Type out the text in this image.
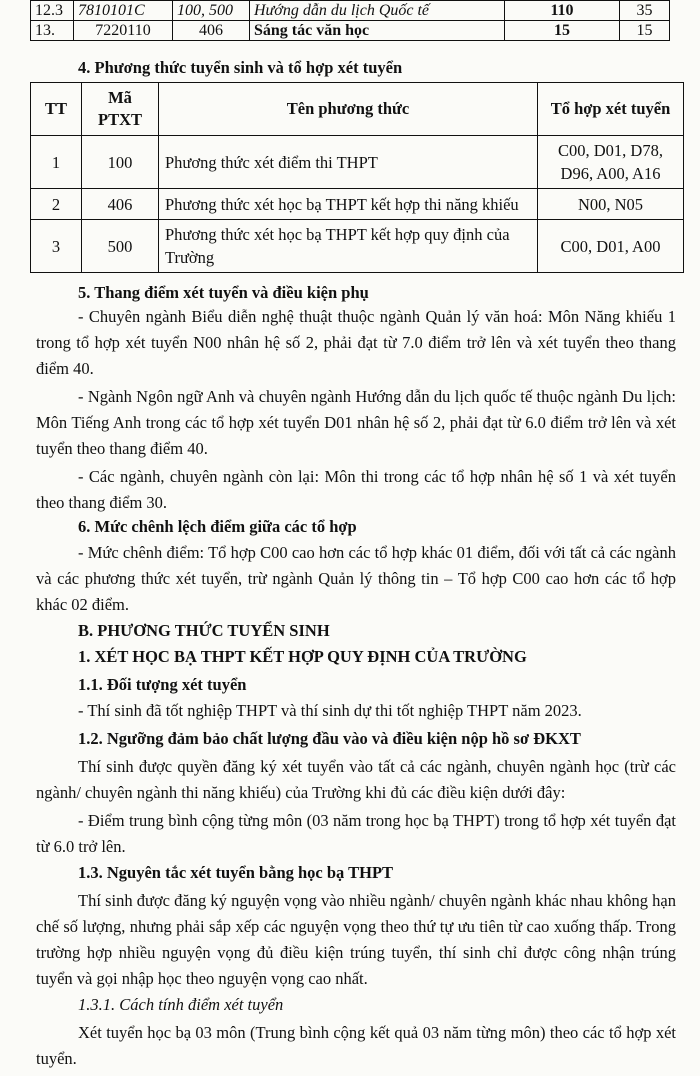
12.3	7810101C	100, 500	Hướng dẫn du lịch Quốc tế	110	35
13.	7220110	406	Sáng tác văn học	15	15
4. Phương thức tuyển sinh và tổ hợp xét tuyển
TT	Mã PTXT	Tên phương thức	Tổ hợp xét tuyển
1	100	Phương thức xét điểm thi THPT	C00, D01, D78, D96, A00, A16
2	406	Phương thức xét học bạ THPT kết hợp thi năng khiếu	N00, N05
3	500	Phương thức xét học bạ THPT kết hợp quy định của Trường	C00, D01, A00
5. Thang điểm xét tuyển và điều kiện phụ

- Chuyên ngành Biểu diễn nghệ thuật thuộc ngành Quản lý văn hoá: Môn Năng khiếu 1 trong tổ hợp xét tuyển N00 nhân hệ số 2, phải đạt từ 7.0 điểm trở lên và xét tuyển theo thang điểm 40.

- Ngành Ngôn ngữ Anh và chuyên ngành Hướng dẫn du lịch quốc tế thuộc ngành Du lịch: Môn Tiếng Anh trong các tổ hợp xét tuyển D01 nhân hệ số 2, phải đạt từ 6.0 điểm trở lên và xét tuyển theo thang điểm 40.

- Các ngành, chuyên ngành còn lại: Môn thi trong các tổ hợp nhân hệ số 1 và xét tuyển theo thang điểm 30.

6. Mức chênh lệch điểm giữa các tổ hợp

- Mức chênh điểm: Tổ hợp C00 cao hơn các tổ hợp khác 01 điểm, đối với tất cả các ngành và các phương thức xét tuyển, trừ ngành Quản lý thông tin – Tổ hợp C00 cao hơn các tổ hợp khác 02 điểm.

B. PHƯƠNG THỨC TUYỂN SINH
1. XÉT HỌC BẠ THPT KẾT HỢP QUY ĐỊNH CỦA TRƯỜNG
1.1. Đối tượng xét tuyển

- Thí sinh đã tốt nghiệp THPT và thí sinh dự thi tốt nghiệp THPT năm 2023.

1.2. Ngưỡng đảm bảo chất lượng đầu vào và điều kiện nộp hồ sơ ĐKXT

Thí sinh được quyền đăng ký xét tuyển vào tất cả các ngành, chuyên ngành học (trừ các ngành/ chuyên ngành thi năng khiếu) của Trường khi đủ các điều kiện dưới đây:

- Điểm trung bình cộng từng môn (03 năm trong học bạ THPT) trong tổ hợp xét tuyển đạt từ 6.0 trở lên.

1.3. Nguyên tắc xét tuyển bằng học bạ THPT

Thí sinh được đăng ký nguyện vọng vào nhiều ngành/ chuyên ngành khác nhau không hạn chế số lượng, nhưng phải sắp xếp các nguyện vọng theo thứ tự ưu tiên từ cao xuống thấp. Trong trường hợp nhiều nguyện vọng đủ điều kiện trúng tuyển, thí sinh chỉ được công nhận trúng tuyển và gọi nhập học theo nguyện vọng cao nhất.

1.3.1. Cách tính điểm xét tuyển

Xét tuyển học bạ 03 môn (Trung bình cộng kết quả 03 năm từng môn) theo các tổ hợp xét tuyển.
